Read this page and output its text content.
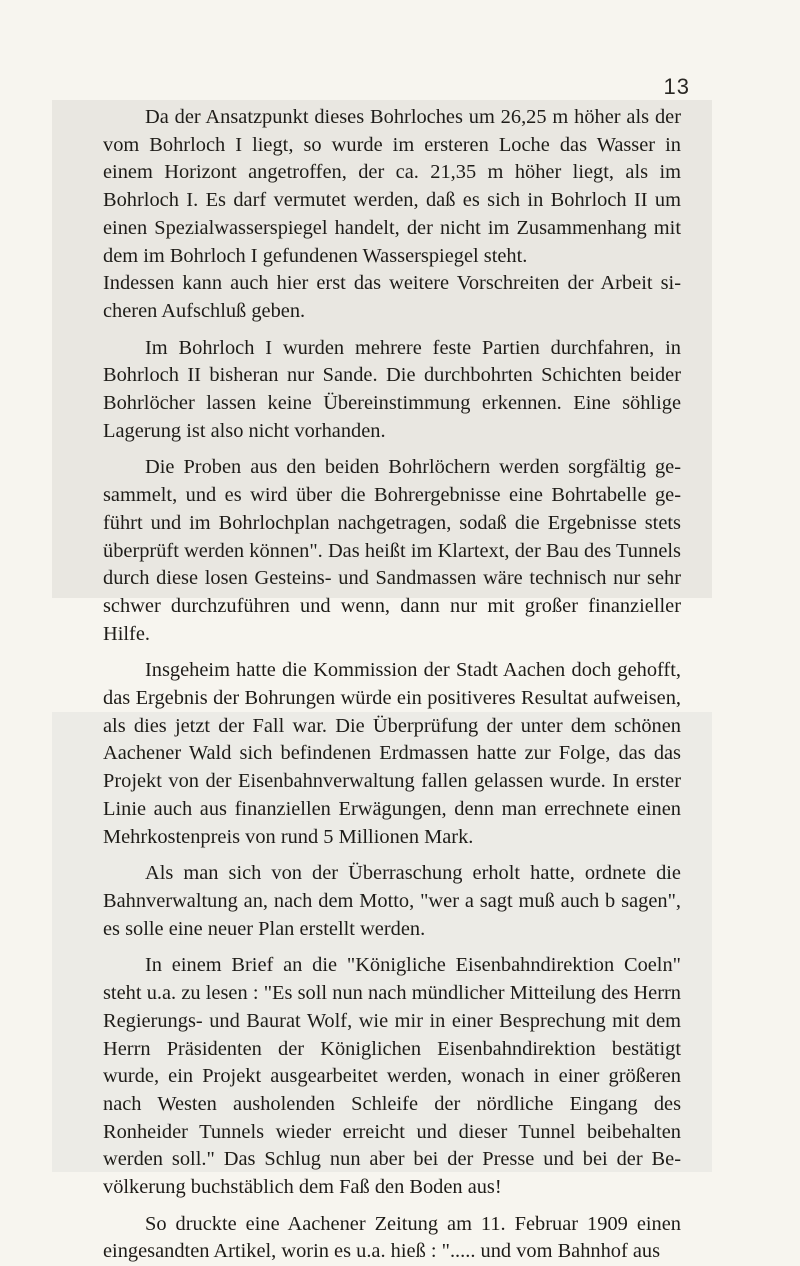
13

Da der Ansatzpunkt dieses Bohrloches um 26,25 m höher als der vom Bohrloch I liegt, so wurde im ersteren Loche das Wasser in einem Horizont angetroffen, der ca. 21,35 m höher liegt, als im Bohrloch I. Es darf vermutet werden, daß es sich in Bohrloch II um einen Spezialwasserspiegel handelt, der nicht im Zusammenhang mit dem im Bohrloch I gefundenen Wasserspiegel steht.

Indessen kann auch hier erst das weitere Vorschreiten der Arbeit sicheren Aufschluß geben.

Im Bohrloch I wurden mehrere feste Partien durchfahren, in Bohrloch II bisheran nur Sande. Die durchbohrten Schichten beider Bohrlöcher lassen keine Übereinstimmung erkennen. Eine söhlige Lagerung ist also nicht vorhanden.

Die Proben aus den beiden Bohrlöchern werden sorgfältig gesammelt, und es wird über die Bohrergebnisse eine Bohrtabelle geführt und im Bohrlochplan nachgetragen, sodaß die Ergebnisse stets überprüft werden können". Das heißt im Klartext, der Bau des Tunnels durch diese losen Gesteins- und Sandmassen wäre technisch nur sehr schwer durchzuführen und wenn, dann nur mit großer finanzieller Hilfe.

Insgeheim hatte die Kommission der Stadt Aachen doch gehofft, das Ergebnis der Bohrungen würde ein positiveres Resultat aufweisen, als dies jetzt der Fall war. Die Überprüfung der unter dem schönen Aachener Wald sich befindenen Erdmassen hatte zur Folge, das das Projekt von der Eisenbahnverwaltung fallen gelassen wurde. In erster Linie auch aus finanziellen Erwägungen, denn man errechnete einen Mehrkostenpreis von rund 5 Millionen Mark.

Als man sich von der Überraschung erholt hatte, ordnete die Bahnverwaltung an, nach dem Motto, "wer a sagt muß auch b sagen", es solle eine neuer Plan erstellt werden.

In einem Brief an die "Königliche Eisenbahndirektion Coeln" steht u.a. zu lesen : "Es soll nun nach mündlicher Mitteilung des Herrn Regierungs- und Baurat Wolf, wie mir in einer Besprechung mit dem Herrn Präsidenten der Königlichen Eisenbahndirektion bestätigt wurde, ein Projekt ausgearbeitet werden, wonach in einer größeren nach Westen ausholenden Schleife der nördliche Eingang des Ronheider Tunnels wieder erreicht und dieser Tunnel beibehalten werden soll." Das Schlug nun aber bei der Presse und bei der Bevölkerung buchstäblich dem Faß den Boden aus!

So druckte eine Aachener Zeitung am 11. Februar 1909 einen eingesandten Artikel, worin es u.a. hieß : "..... und vom Bahnhof aus
